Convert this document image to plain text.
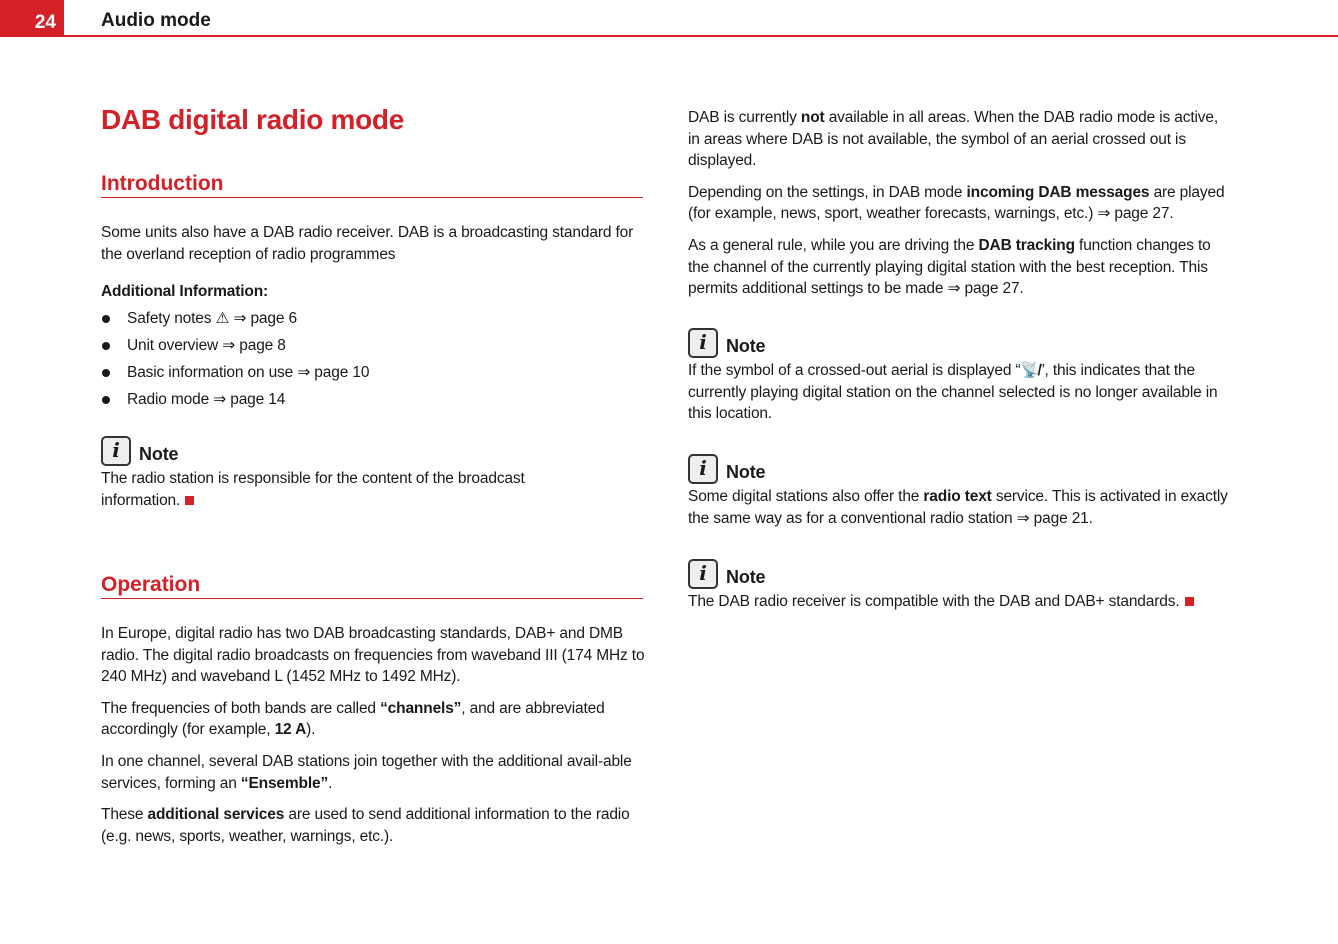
24	Audio mode
DAB digital radio mode
Introduction

Some units also have a DAB radio receiver. DAB is a broadcasting standard for the overland reception of radio programmes

Additional Information:
Safety notes ⚠ ⇒ page 6
Unit overview ⇒ page 8
Basic information on use ⇒ page 10
Radio mode ⇒ page 14
i	Note

The radio station is responsible for the content of the broadcast information.

Operation

In Europe, digital radio has two DAB broadcasting standards, DAB+ and DMB radio. The digital radio broadcasts on frequencies from waveband III (174 MHz to 240 MHz) and waveband L (1452 MHz to 1492 MHz).

The frequencies of both bands are called “channels”, and are abbreviated accordingly (for example, 12 A).

In one channel, several DAB stations join together with the additional avail-able services, forming an “Ensemble”.

These additional services are used to send additional information to the radio (e.g. news, sports, weather, warnings, etc.).

DAB is currently not available in all areas. When the DAB radio mode is active, in areas where DAB is not available, the symbol of an aerial crossed out is displayed.

Depending on the settings, in DAB mode incoming DAB messages are played (for example, news, sport, weather forecasts, warnings, etc.) ⇒ page 27.

As a general rule, while you are driving the DAB tracking function changes to the channel of the currently playing digital station with the best reception. This permits additional settings to be made ⇒ page 27.

i	Note

If the symbol of a crossed-out aerial is displayed “📡̸”, this indicates that the currently playing digital station on the channel selected is no longer available in this location.

i	Note

Some digital stations also offer the radio text service. This is activated in exactly the same way as for a conventional radio station ⇒ page 21.

i	Note

The DAB radio receiver is compatible with the DAB and DAB+ standards.
